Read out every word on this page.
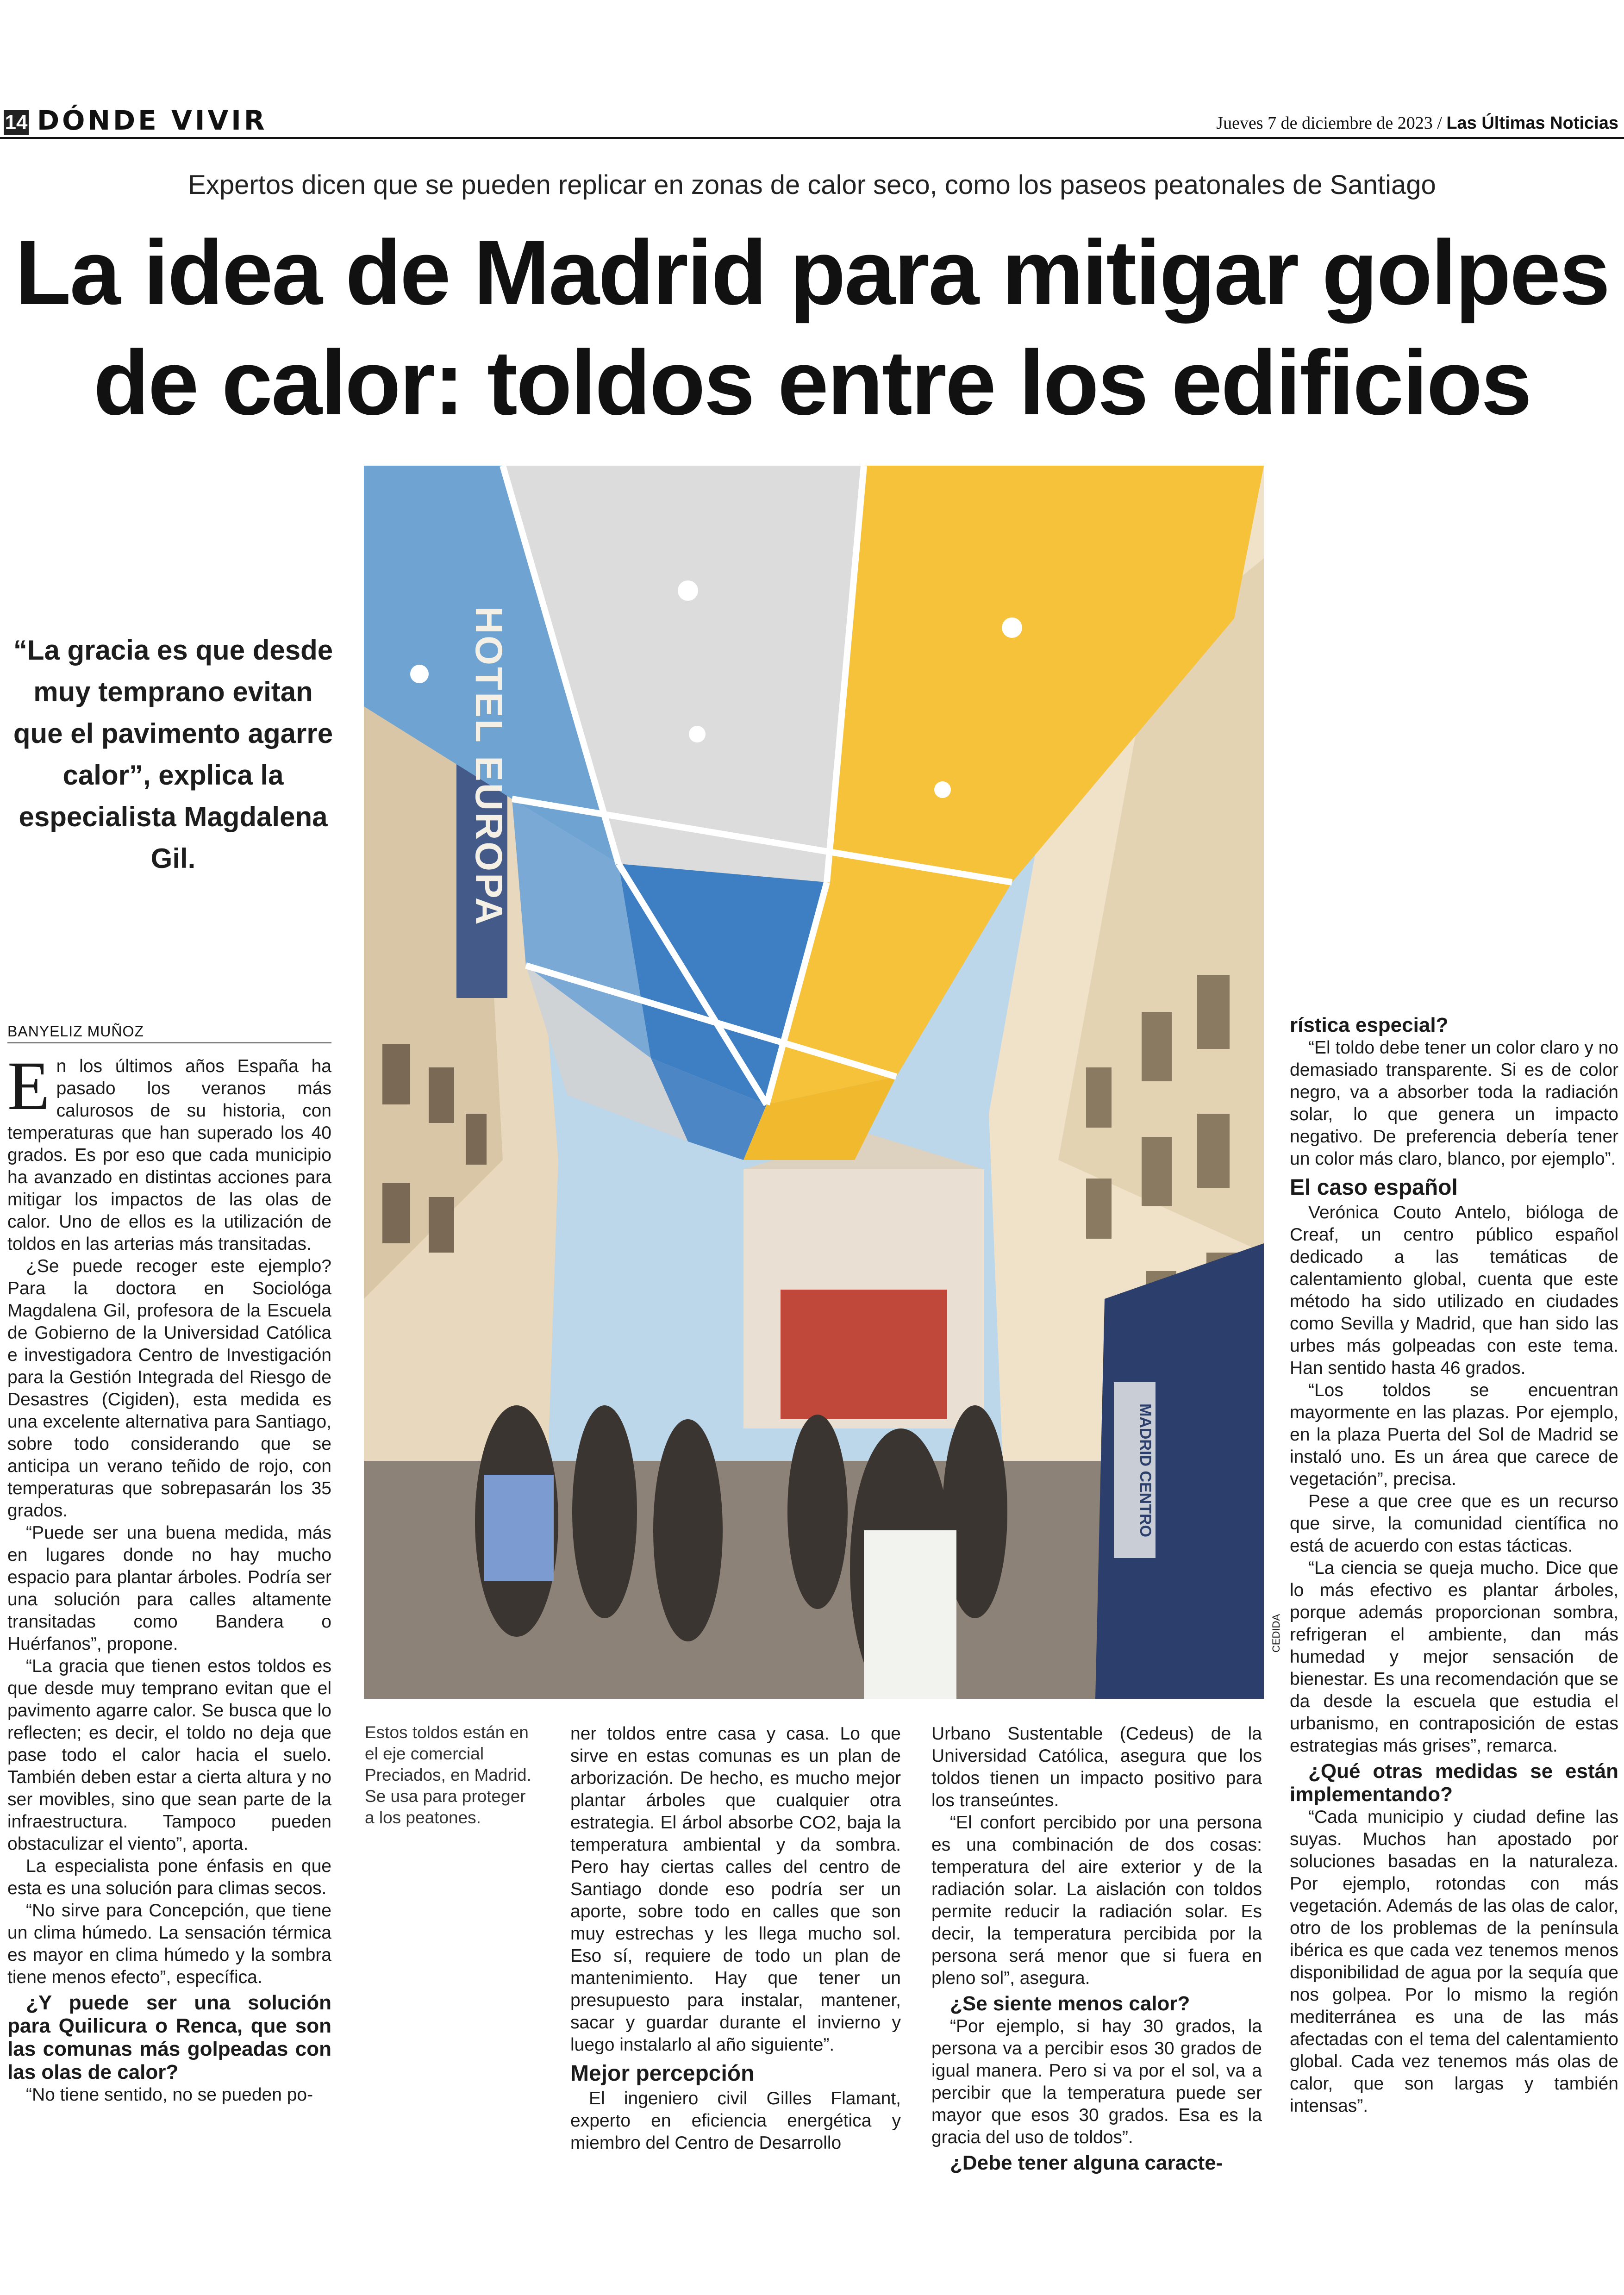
14 DÓNDE VIVIR	Jueves 7 de diciembre de 2023 / Las Últimas Noticias
Expertos dicen que se pueden replicar en zonas de calor seco, como los paseos peatonales de Santiago
La idea de Madrid para mitigar golpes
de calor: toldos entre los edificios
“La gracia es que desde muy temprano evitan que el pavimento agarre calor”, explica la especialista Magdalena Gil.	HOTEL EUROPA
MADRID CENTRO
CEDIDA
BANYELIZ MUÑOZ

En los últimos años España ha pasado los veranos más calurosos de su historia, con temperaturas que han superado los 40 grados. Es por eso que cada municipio ha avanzado en distintas acciones para mitigar los impactos de las olas de calor. Uno de ellos es la utilización de toldos en las arterias más transitadas.

¿Se puede recoger este ejemplo? Para la doctora en Sociológa Magdalena Gil, profesora de la Escuela de Gobierno de la Universidad Católica e investigadora Centro de Investigación para la Gestión Integrada del Riesgo de Desastres (Cigiden), esta medida es una excelente alternativa para Santiago, sobre todo considerando que se anticipa un verano teñido de rojo, con temperaturas que sobrepasarán los 35 grados.

“Puede ser una buena medida, más en lugares donde no hay mucho espacio para plantar árboles. Podría ser una solución para calles altamente transitadas como Bandera o Huérfanos”, propone.

“La gracia que tienen estos toldos es que desde muy temprano evitan que el pavimento agarre calor. Se busca que lo reflecten; es decir, el toldo no deja que pase todo el calor hacia el suelo. También deben estar a cierta altura y no ser movibles, sino que sean parte de la infraestructura. Tampoco pueden obstaculizar el viento”, aporta.

La especialista pone énfasis en que esta es una solución para climas secos.

“No sirve para Concepción, que tiene un clima húmedo. La sensación térmica es mayor en clima húmedo y la sombra tiene menos efecto”, específica.

¿Y puede ser una solución para Quilicura o Renca, que son las comunas más golpeadas con las olas de calor?

“No tiene sentido, no se pueden po-

Estos toldos están en el eje comercial Preciados, en Madrid. Se usa para proteger a los peatones.

ner toldos entre casa y casa. Lo que sirve en estas comunas es un plan de arborización. De hecho, es mucho mejor plantar árboles que cualquier otra estrategia. El árbol absorbe CO2, baja la temperatura ambiental y da sombra. Pero hay ciertas calles del centro de Santiago donde eso podría ser un aporte, sobre todo en calles que son muy estrechas y les llega mucho sol. Eso sí, requiere de todo un plan de mantenimiento. Hay que tener un presupuesto para instalar, mantener, sacar y guardar durante el invierno y luego instalarlo al año siguiente”.

Mejor percepción

El ingeniero civil Gilles Flamant, experto en eficiencia energética y miembro del Centro de Desarrollo

Urbano Sustentable (Cedeus) de la Universidad Católica, asegura que los toldos tienen un impacto positivo para los transeúntes.

“El confort percibido por una persona es una combinación de dos cosas: temperatura del aire exterior y de la radiación solar. La aislación con toldos permite reducir la radiación solar. Es decir, la temperatura percibida por la persona será menor que si fuera en pleno sol”, asegura.

¿Se siente menos calor?

“Por ejemplo, si hay 30 grados, la persona va a percibir esos 30 grados de igual manera. Pero si va por el sol, va a percibir que la temperatura puede ser mayor que esos 30 grados. Esa es la gracia del uso de toldos”.

¿Debe tener alguna caracte-

rística especial?

“El toldo debe tener un color claro y no demasiado transparente. Si es de color negro, va a absorber toda la radiación solar, lo que genera un impacto negativo. De preferencia debería tener un color más claro, blanco, por ejemplo”.

El caso español

Verónica Couto Antelo, bióloga de Creaf, un centro público español dedicado a las temáticas de calentamiento global, cuenta que este método ha sido utilizado en ciudades como Sevilla y Madrid, que han sido las urbes más golpeadas con este tema. Han sentido hasta 46 grados.

“Los toldos se encuentran mayormente en las plazas. Por ejemplo, en la plaza Puerta del Sol de Madrid se instaló uno. Es un área que carece de vegetación”, precisa.

Pese a que cree que es un recurso que sirve, la comunidad científica no está de acuerdo con estas tácticas.

“La ciencia se queja mucho. Dice que lo más efectivo es plantar árboles, porque además proporcionan sombra, refrigeran el ambiente, dan más humedad y mejor sensación de bienestar. Es una recomendación que se da desde la escuela que estudia el urbanismo, en contraposición de estas estrategias más grises”, remarca.

¿Qué otras medidas se están implementando?

“Cada municipio y ciudad define las suyas. Muchos han apostado por soluciones basadas en la naturaleza. Por ejemplo, rotondas con más vegetación. Además de las olas de calor, otro de los problemas de la península ibérica es que cada vez tenemos menos disponibilidad de agua por la sequía que nos golpea. Por lo mismo la región mediterránea es una de las más afectadas con el tema del calentamiento global. Cada vez tenemos más olas de calor, que son largas y también intensas”.
